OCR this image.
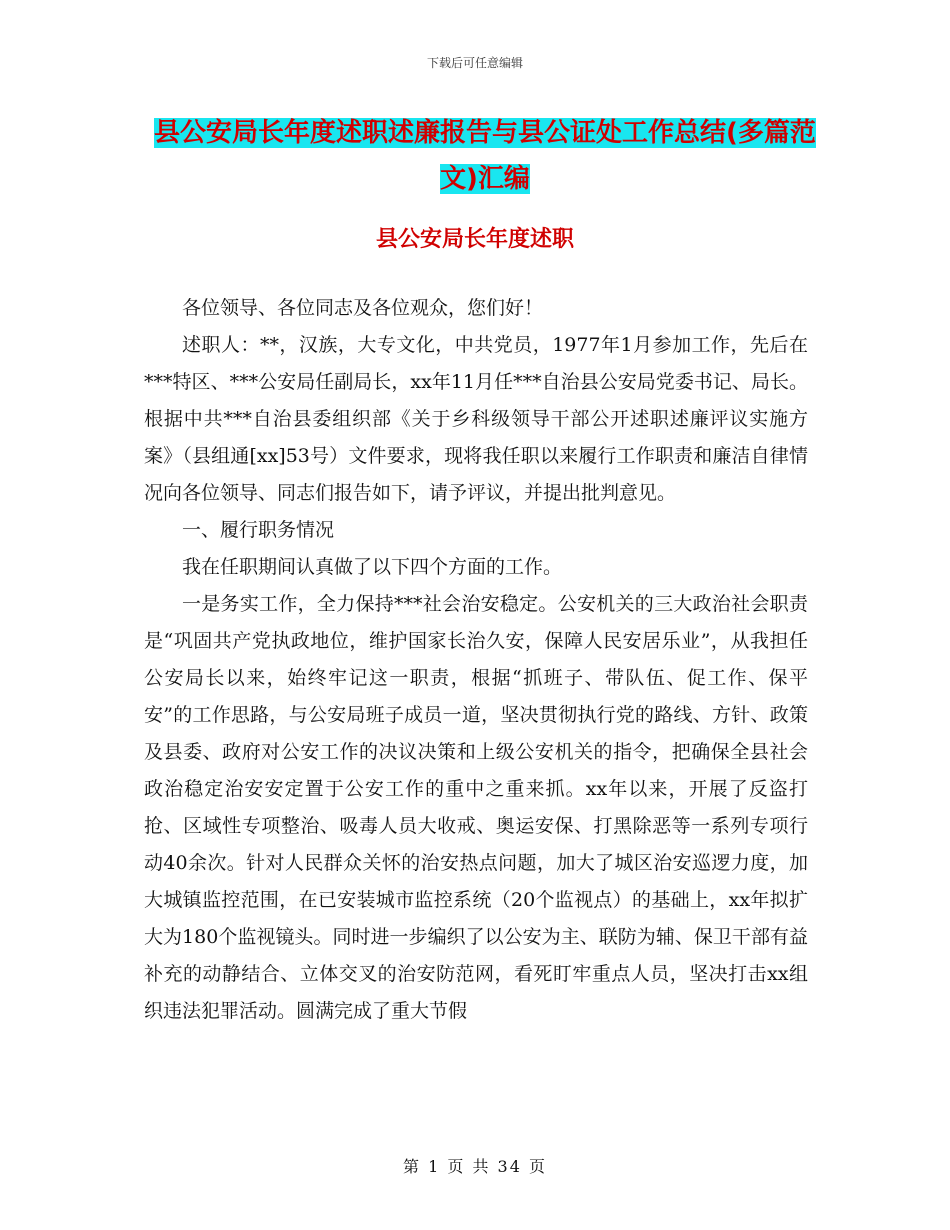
下载后可任意编辑
县公安局长年度述职述廉报告与县公证处工作总结(多篇范文)汇编
县公安局长年度述职

各位领导、各位同志及各位观众，您们好！

述职人：**，汉族，大专文化，中共党员，1977年1月参加工作，先后在***特区、***公安局任副局长，xx年11月任***自治县公安局党委书记、局长。根据中共***自治县委组织部《关于乡科级领导干部公开述职述廉评议实施方案》（县组通[xx]53号）文件要求，现将我任职以来履行工作职责和廉洁自律情况向各位领导、同志们报告如下，请予评议，并提出批判意见。

一、履行职务情况

我在任职期间认真做了以下四个方面的工作。

一是务实工作，全力保持***社会治安稳定。公安机关的三大政治社会职责是“巩固共产党执政地位，维护国家长治久安，保障人民安居乐业”，从我担任公安局长以来，始终牢记这一职责，根据“抓班子、带队伍、促工作、保平安”的工作思路，与公安局班子成员一道，坚决贯彻执行党的路线、方针、政策及县委、政府对公安工作的决议决策和上级公安机关的指令，把确保全县社会政治稳定治安安定置于公安工作的重中之重来抓。xx年以来，开展了反盗打抢、区域性专项整治、吸毒人员大收戒、奥运安保、打黑除恶等一系列专项行动40余次。针对人民群众关怀的治安热点问题，加大了城区治安巡逻力度，加大城镇监控范围，在已安装城市监控系统（20个监视点）的基础上，xx年拟扩大为180个监视镜头。同时进一步编织了以公安为主、联防为辅、保卫干部有益补充的动静结合、立体交叉的治安防范网，看死盯牢重点人员，坚决打击xx组织违法犯罪活动。圆满完成了重大节假

第 1 页 共 34 页
